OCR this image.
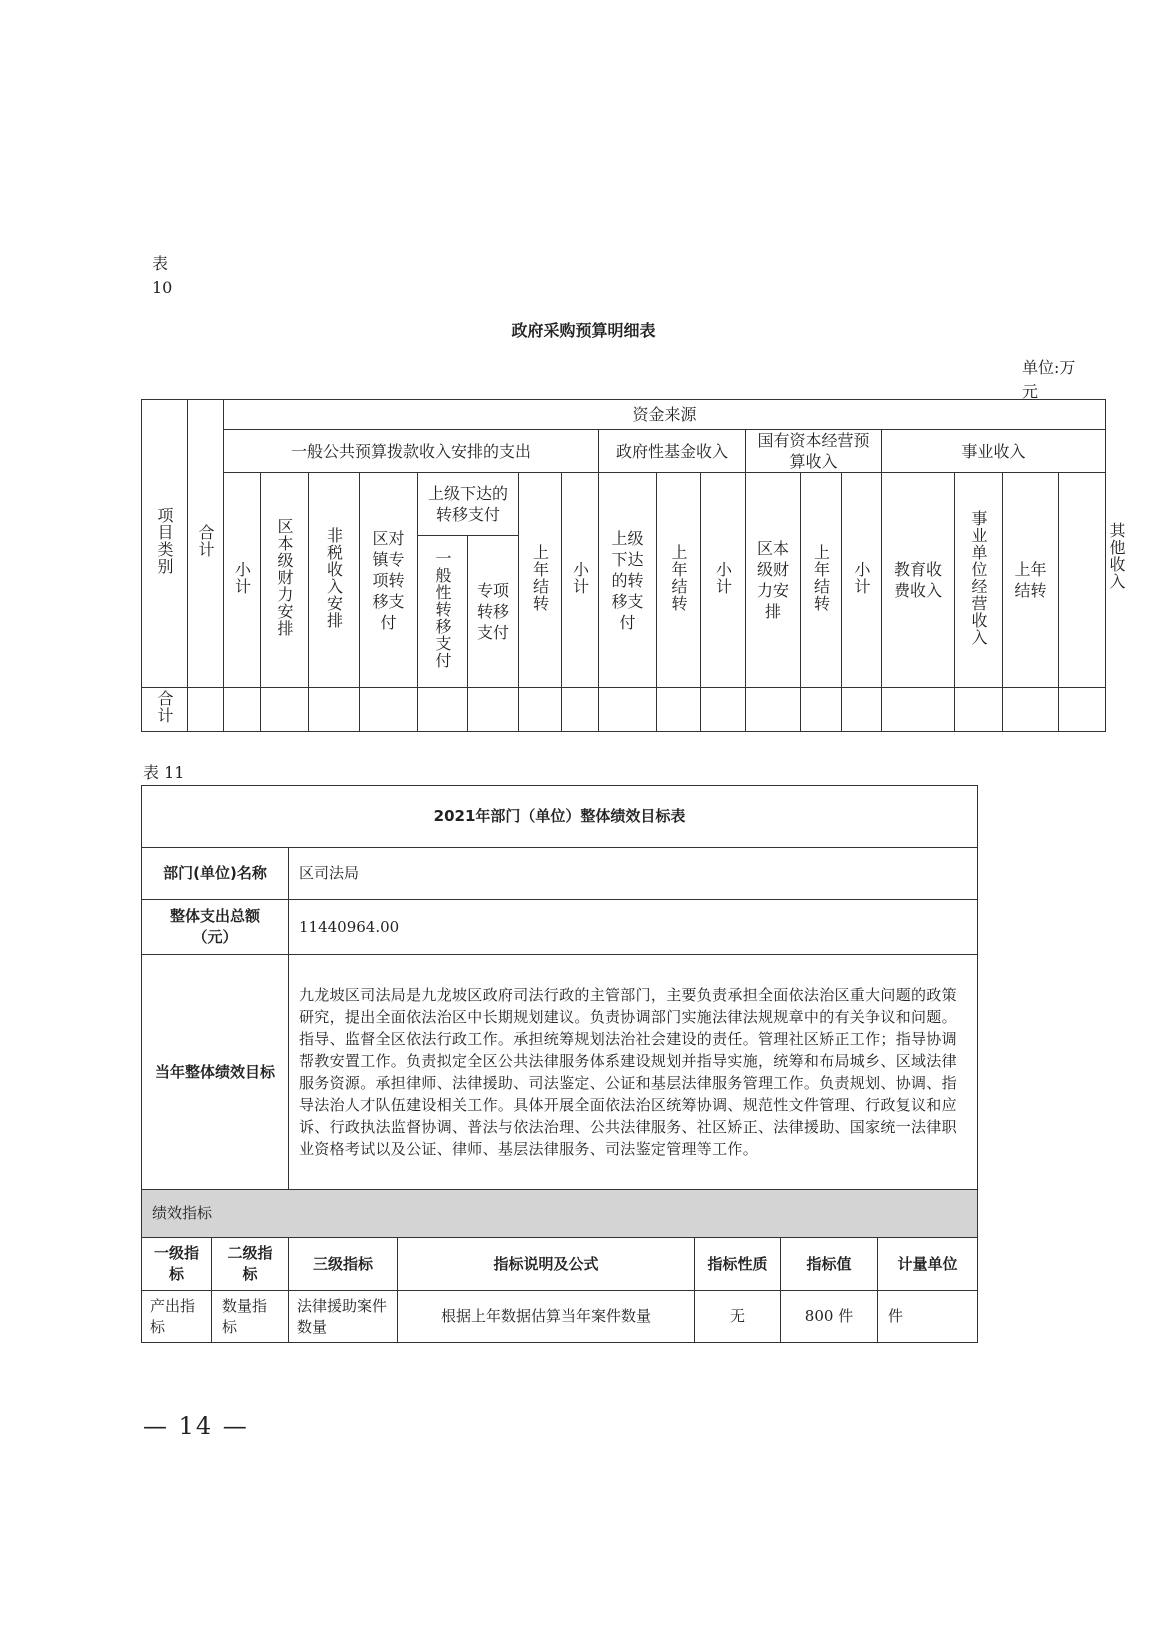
表 10
政府采购预算明细表
单位:万元
项目类别	合计	资金来源																		
		一般公共预算拨款收入安排的支出								政府性基金收入			国有资本经营预算收入			事业收入				其他收入
		小计	区本级财力安排	非税收入安排	区对镇专项转移支付	上级下达的转移支付		上年结转	小计	上级下达的转移支付	上年结转	小计	区本级财力安排	上年结转	小计	教育收费收入	事业单位经营收入	上年结转		
						一般性转移支付	专项转移支付													
合计																				
表 11
2021年部门（单位）整体绩效目标表						
部门(单位)名称		区司法局				
整体支出总额（元）		11440964.00				
当年整体绩效目标		九龙坡区司法局是九龙坡区政府司法行政的主管部门，主要负责承担全面依法治区重大问题的政策研究，提出全面依法治区中长期规划建议。负责协调部门实施法律法规规章中的有关争议和问题。指导、监督全区依法行政工作。承担统筹规划法治社会建设的责任。管理社区矫正工作；指导协调帮教安置工作。负责拟定全区公共法律服务体系建设规划并指导实施，统筹和布局城乡、区域法律服务资源。承担律师、法律援助、司法鉴定、公证和基层法律服务管理工作。负责规划、协调、指导法治人才队伍建设相关工作。具体开展全面依法治区统筹协调、规范性文件管理、行政复议和应诉、行政执法监督协调、普法与依法治理、公共法律服务、社区矫正、法律援助、国家统一法律职业资格考试以及公证、律师、基层法律服务、司法鉴定管理等工作。				
绩效指标						
一级指标	二级指标	三级指标	指标说明及公式	指标性质	指标值	计量单位
产出指标	数量指标	法律援助案件数量	根据上年数据估算当年案件数量	无	800 件	件
— 14 —
